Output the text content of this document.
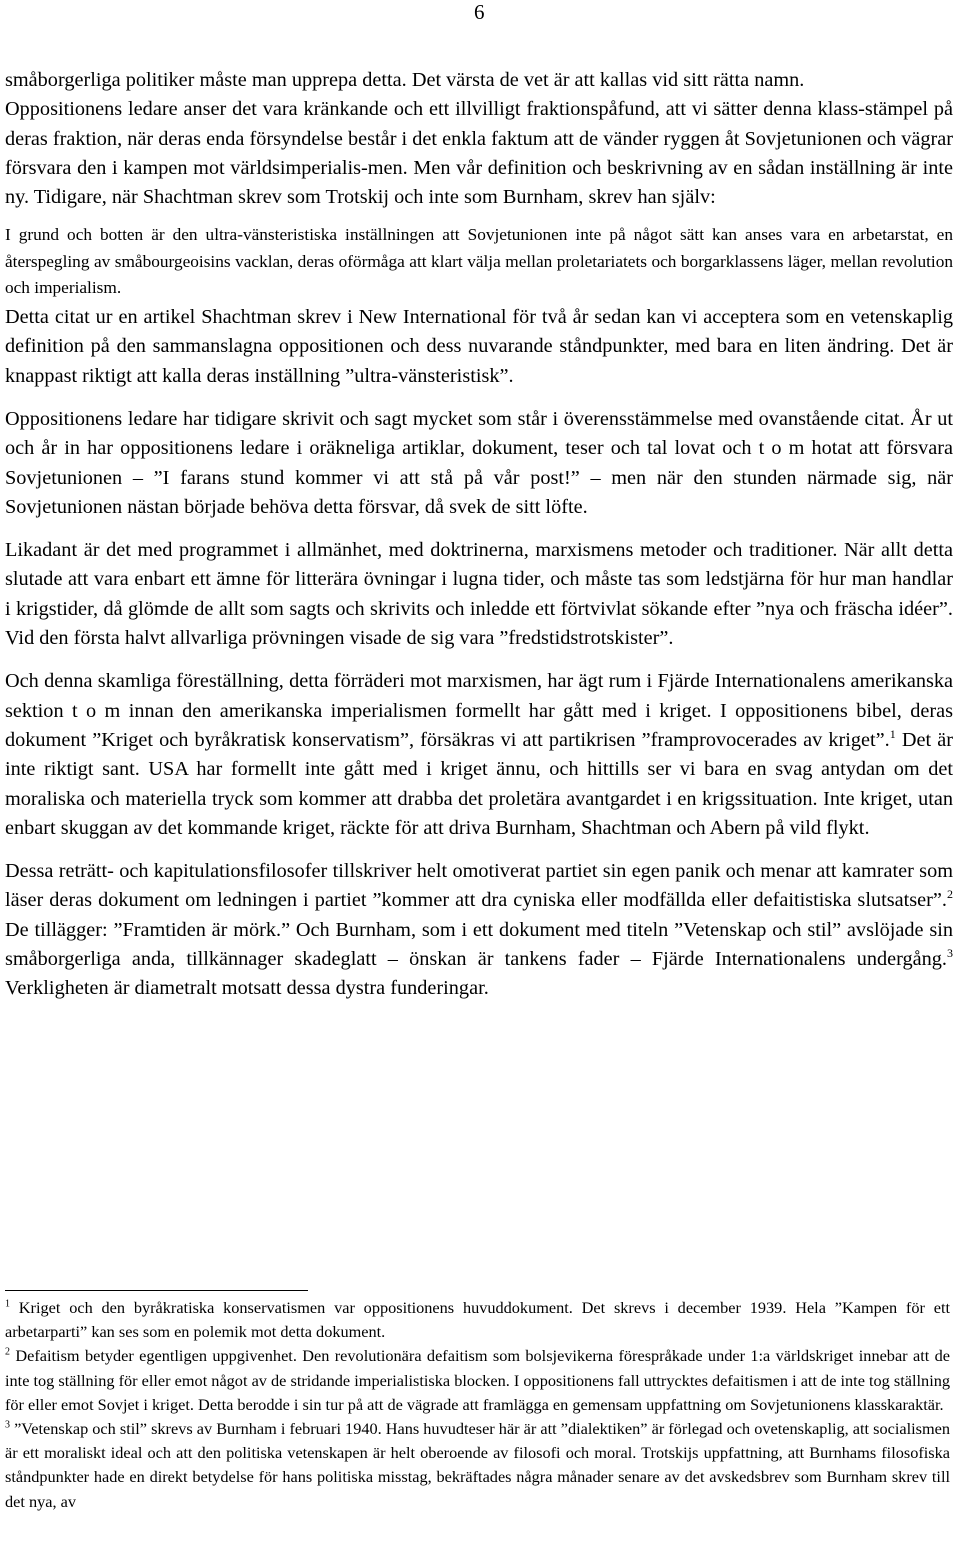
6

småborgerliga politiker måste man upprepa detta. Det värsta de vet är att kallas vid sitt rätta namn.

Oppositionens ledare anser det vara kränkande och ett illvilligt fraktionspåfund, att vi sätter denna klass-stämpel på deras fraktion, när deras enda försyndelse består i det enkla faktum att de vänder ryggen åt Sovjetunionen och vägrar försvara den i kampen mot världsimperialis-men. Men vår definition och beskrivning av en sådan inställning är inte ny. Tidigare, när Shachtman skrev som Trotskij och inte som Burnham, skrev han själv:

I grund och botten är den ultra-vänsteristiska inställningen att Sovjetunionen inte på något sätt kan anses vara en arbetarstat, en återspegling av småbourgeoisins vacklan, deras oförmåga att klart välja mellan proletariatets och borgarklassens läger, mellan revolution och imperialism.

Detta citat ur en artikel Shachtman skrev i New International för två år sedan kan vi acceptera som en vetenskaplig definition på den sammanslagna oppositionen och dess nuvarande ståndpunkter, med bara en liten ändring. Det är knappast riktigt att kalla deras inställning ”ultra-vänsteristisk”.

Oppositionens ledare har tidigare skrivit och sagt mycket som står i överensstämmelse med ovanstående citat. År ut och år in har oppositionens ledare i oräkneliga artiklar, dokument, teser och tal lovat och t o m hotat att försvara Sovjetunionen – ”I farans stund kommer vi att stå på vår post!” – men när den stunden närmade sig, när Sovjetunionen nästan började behöva detta försvar, då svek de sitt löfte.

Likadant är det med programmet i allmänhet, med doktrinerna, marxismens metoder och traditioner. När allt detta slutade att vara enbart ett ämne för litterära övningar i lugna tider, och måste tas som ledstjärna för hur man handlar i krigstider, då glömde de allt som sagts och skrivits och inledde ett förtvivlat sökande efter ”nya och fräscha idéer”. Vid den första halvt allvarliga prövningen visade de sig vara ”fredstidstrotskister”.

Och denna skamliga föreställning, detta förräderi mot marxismen, har ägt rum i Fjärde Internationalens amerikanska sektion t o m innan den amerikanska imperialismen formellt har gått med i kriget. I oppositionens bibel, deras dokument ”Kriget och byråkratisk konservatism”, försäkras vi att partikrisen ”framprovocerades av kriget”.$^1$ Det är inte riktigt sant. USA har formellt inte gått med i kriget ännu, och hittills ser vi bara en svag antydan om det moraliska och materiella tryck som kommer att drabba det proletära avantgardet i en krigssituation. Inte kriget, utan enbart skuggan av det kommande kriget, räckte för att driva Burnham, Shachtman och Abern på vild flykt.

Dessa reträtt- och kapitulationsfilosofer tillskriver helt omotiverat partiet sin egen panik och menar att kamrater som läser deras dokument om ledningen i partiet ”kommer att dra cyniska eller modfällda eller defaitistiska slutsatser”.$^2$ De tillägger: ”Framtiden är mörk.” Och Burnham, som i ett dokument med titeln ”Vetenskap och stil” avslöjade sin småborgerliga anda, tillkännager skadeglatt – önskan är tankens fader – Fjärde Internationalens undergång.$^3$ Verkligheten är diametralt motsatt dessa dystra funderingar.

$^1$ Kriget och den byråkratiska konservatismen var oppositionens huvuddokument. Det skrevs i december 1939. Hela ”Kampen för ett arbetarparti” kan ses som en polemik mot detta dokument.

$^2$ Defaitism betyder egentligen uppgivenhet. Den revolutionära defaitism som bolsjevikerna förespråkade under 1:a världskriget innebar att de inte tog ställning för eller emot något av de stridande imperialistiska blocken. I oppositionens fall uttrycktes defaitismen i att de inte tog ställning för eller emot Sovjet i kriget. Detta berodde i sin tur på att de vägrade att framlägga en gemensam uppfattning om Sovjetunionens klasskaraktär.

$^3$ ”Vetenskap och stil” skrevs av Burnham i februari 1940. Hans huvudteser här är att ”dialektiken” är förlegad och ovetenskaplig, att socialismen är ett moraliskt ideal och att den politiska vetenskapen är helt oberoende av filosofi och moral. Trotskijs uppfattning, att Burnhams filosofiska ståndpunkter hade en direkt betydelse för hans politiska misstag, bekräftades några månader senare av det avskedsbrev som Burnham skrev till det nya, av
